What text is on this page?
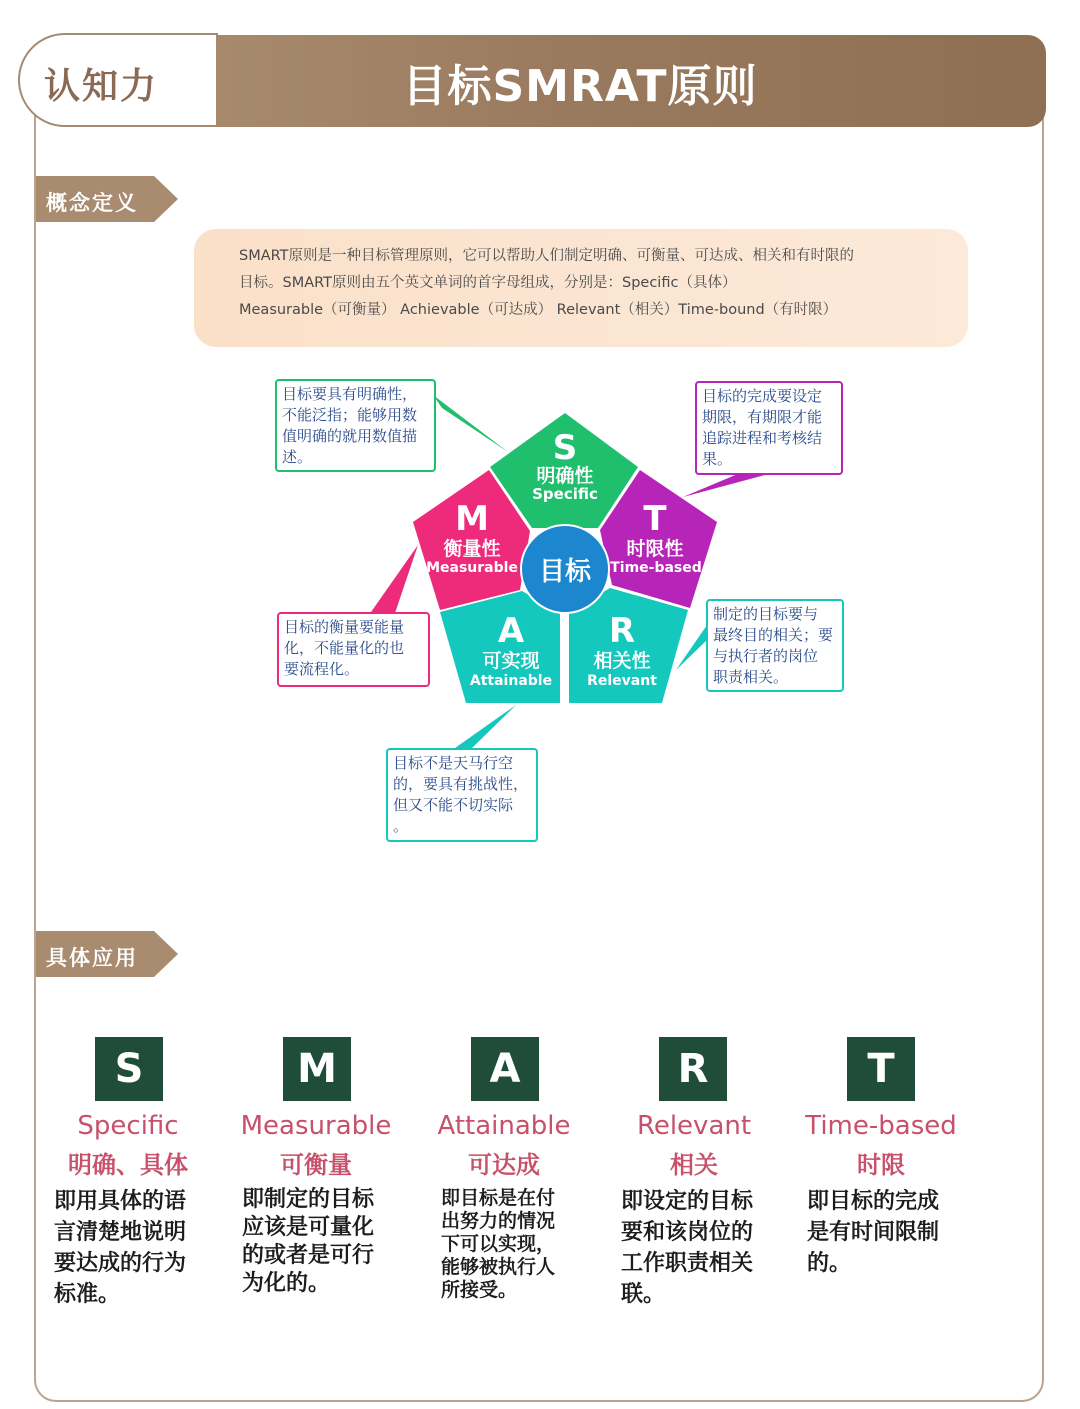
目标SMRAT原则
认知力
概念定义
SMART原则是一种目标管理原则，它可以帮助人们制定明确、可衡量、可达成、相关和有时限的
目标。SMART原则由五个英文单词的首字母组成，分别是：Specific（具体）
Measurable（可衡量） Achievable（可达成） Relevant（相关）Time-bound（有时限）
目标
S
明确性
Specific
T
时限性
Time-based
M
衡量性
Measurable
A
可实现
Attainable
R
相关性
Relevant
目标要具有明确性，
不能泛指；能够用数
值明确的就用数值描
述。
目标的完成要设定
期限，有期限才能
追踪进程和考核结
果。
目标的衡量要能量
化，不能量化的也
要流程化。
制定的目标要与
最终目的相关；要
与执行者的岗位
职责相关。
目标不是天马行空
的，要具有挑战性，
但又不能不切实际
。
具体应用
S
Specific
明确、具体
即用具体的语
言清楚地说明
要达成的行为
标准。
M
Measurable
可衡量
即制定的目标
应该是可量化
的或者是可行
为化的。
A
Attainable
可达成
即目标是在付
出努力的情况
下可以实现，
能够被执行人
所接受。
R
Relevant
相关
即设定的目标
要和该岗位的
工作职责相关
联。
T
Time-based
时限
即目标的完成
是有时间限制
的。
